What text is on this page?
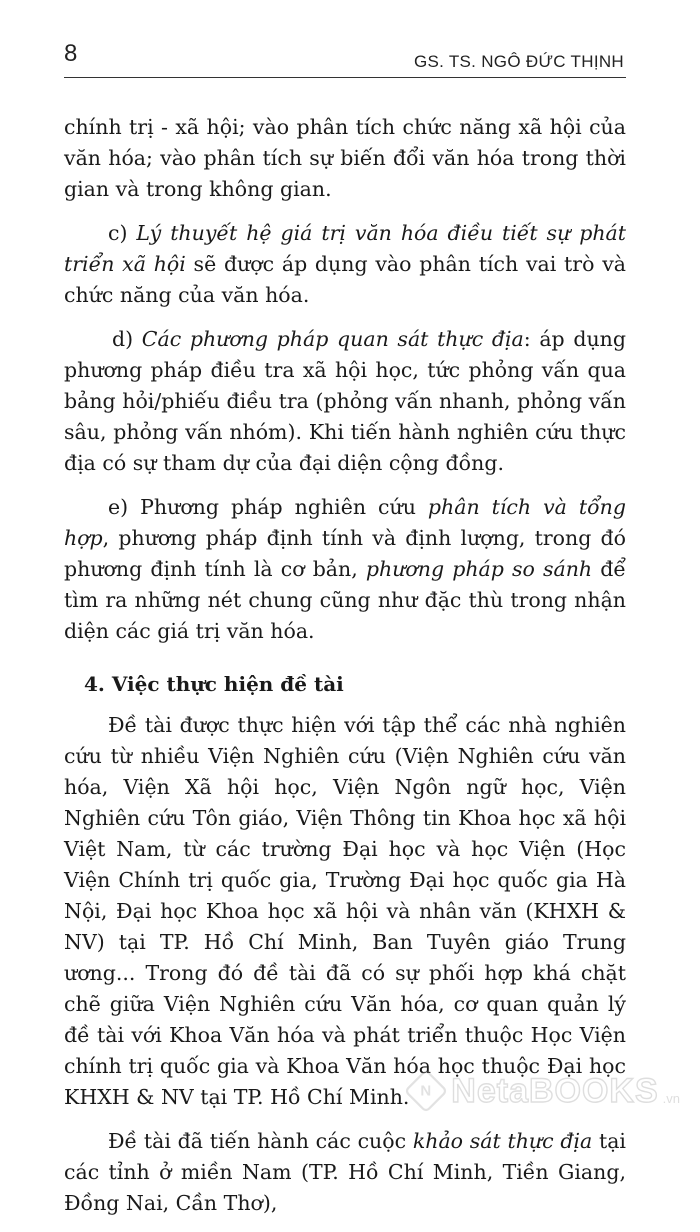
8	GS. TS. NGÔ ĐỨC THỊNH

chính trị - xã hội; vào phân tích chức năng xã hội của văn hóa; vào phân tích sự biến đổi văn hóa trong thời gian và trong không gian.

c) Lý thuyết hệ giá trị văn hóa điều tiết sự phát triển xã hội sẽ được áp dụng vào phân tích vai trò và chức năng của văn hóa.

d) Các phương pháp quan sát thực địa: áp dụng phương pháp điều tra xã hội học, tức phỏng vấn qua bảng hỏi/phiếu điều tra (phỏng vấn nhanh, phỏng vấn sâu, phỏng vấn nhóm). Khi tiến hành nghiên cứu thực địa có sự tham dự của đại diện cộng đồng.

e) Phương pháp nghiên cứu phân tích và tổng hợp, phương pháp định tính và định lượng, trong đó phương định tính là cơ bản, phương pháp so sánh để tìm ra những nét chung cũng như đặc thù trong nhận diện các giá trị văn hóa.

4. Việc thực hiện đề tài

Đề tài được thực hiện với tập thể các nhà nghiên cứu từ nhiều Viện Nghiên cứu (Viện Nghiên cứu văn hóa, Viện Xã hội học, Viện Ngôn ngữ học, Viện Nghiên cứu Tôn giáo, Viện Thông tin Khoa học xã hội Việt Nam, từ các trường Đại học và học Viện (Học Viện Chính trị quốc gia, Trường Đại học quốc gia Hà Nội, Đại học Khoa học xã hội và nhân văn (KHXH & NV) tại TP. Hồ Chí Minh, Ban Tuyên giáo Trung ương... Trong đó đề tài đã có sự phối hợp khá chặt chẽ giữa Viện Nghiên cứu Văn hóa, cơ quan quản lý đề tài với Khoa Văn hóa và phát triển thuộc Học Viện chính trị quốc gia và Khoa Văn hóa học thuộc Đại học KHXH & NV tại TP. Hồ Chí Minh.

Đề tài đã tiến hành các cuộc khảo sát thực địa tại các tỉnh ở miền Nam (TP. Hồ Chí Minh, Tiền Giang, Đồng Nai, Cần Thơ),

N NetaBOOKS .vn
